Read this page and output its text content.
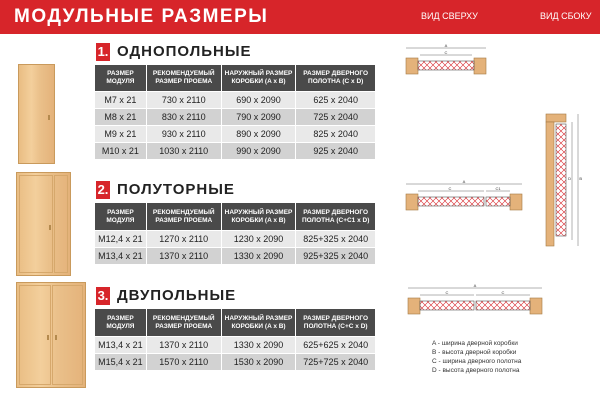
МОДУЛЬНЫЕ РАЗМЕРЫ	ВИД СВЕРХУ	ВИД СБОКУ
1. ОДНОПОЛЬНЫЕ
РАЗМЕР МОДУЛЯ	РЕКОМЕНДУЕМЫЙ РАЗМЕР ПРОЕМА	НАРУЖНЫЙ РАЗМЕР КОРОБКИ (A x B)	РАЗМЕР ДВЕРНОГО ПОЛОТНА (C x D)
M7 x 21	730 x 2110	690 x 2090	625 x 2040
M8 x 21	830 x 2110	790 x 2090	725 x 2040
M9 x 21	930 x 2110	890 x 2090	825 x 2040
M10 x 21	1030 x 2110	990 x 2090	925 x 2040
2. ПОЛУТОРНЫЕ
РАЗМЕР МОДУЛЯ	РЕКОМЕНДУЕМЫЙ РАЗМЕР ПРОЕМА	НАРУЖНЫЙ РАЗМЕР КОРОБКИ (A x B)	РАЗМЕР ДВЕРНОГО ПОЛОТНА (C+C1 x D)
M12,4 x 21	1270 x 2110	1230 x 2090	825+325 x 2040
M13,4 x 21	1370 x 2110	1330 x 2090	925+325 x 2040
3. ДВУПОЛЬНЫЕ
РАЗМЕР МОДУЛЯ	РЕКОМЕНДУЕМЫЙ РАЗМЕР ПРОЕМА	НАРУЖНЫЙ РАЗМЕР КОРОБКИ (A x B)	РАЗМЕР ДВЕРНОГО ПОЛОТНА (C+C x D)
M13,4 x 21	1370 x 2110	1330 x 2090	625+625 x 2040
M15,4 x 21	1570 x 2110	1530 x 2090	725+725 x 2040
A
C
A
C	C1
A
C	C
D B
A - ширина дверной коробки
B - высота дверной коробки
C - ширина дверного полотна
D - высота дверного полотна
